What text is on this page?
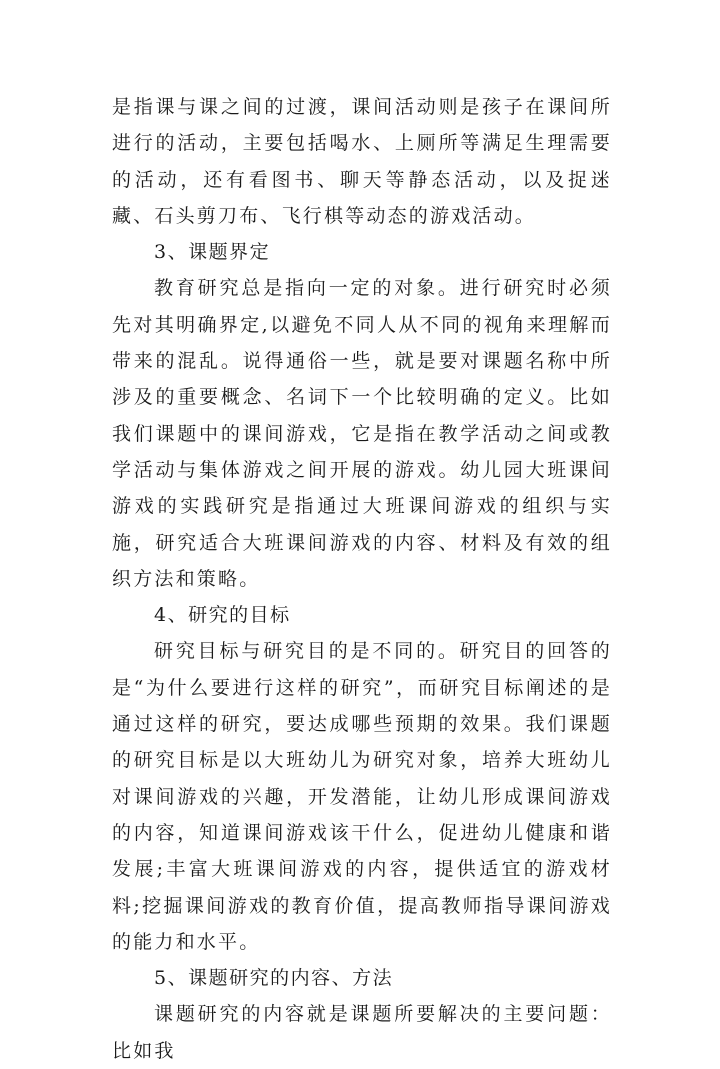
是指课与课之间的过渡，课间活动则是孩子在课间所进行的活动，主要包括喝水、上厕所等满足生理需要的活动，还有看图书、聊天等静态活动，以及捉迷藏、石头剪刀布、飞行棋等动态的游戏活动。

3、课题界定

教育研究总是指向一定的对象。进行研究时必须先对其明确界定,以避免不同人从不同的视角来理解而带来的混乱。说得通俗一些，就是要对课题名称中所涉及的重要概念、名词下一个比较明确的定义。比如我们课题中的课间游戏，它是指在教学活动之间或教学活动与集体游戏之间开展的游戏。幼儿园大班课间游戏的实践研究是指通过大班课间游戏的组织与实施，研究适合大班课间游戏的内容、材料及有效的组织方法和策略。

4、研究的目标

研究目标与研究目的是不同的。研究目的回答的是“为什么要进行这样的研究”，而研究目标阐述的是通过这样的研究，要达成哪些预期的效果。我们课题的研究目标是以大班幼儿为研究对象，培养大班幼儿对课间游戏的兴趣，开发潜能，让幼儿形成课间游戏的内容，知道课间游戏该干什么，促进幼儿健康和谐发展;丰富大班课间游戏的内容，提供适宜的游戏材料;挖掘课间游戏的教育价值，提高教师指导课间游戏的能力和水平。

5、课题研究的内容、方法

课题研究的内容就是课题所要解决的主要问题：比如我
